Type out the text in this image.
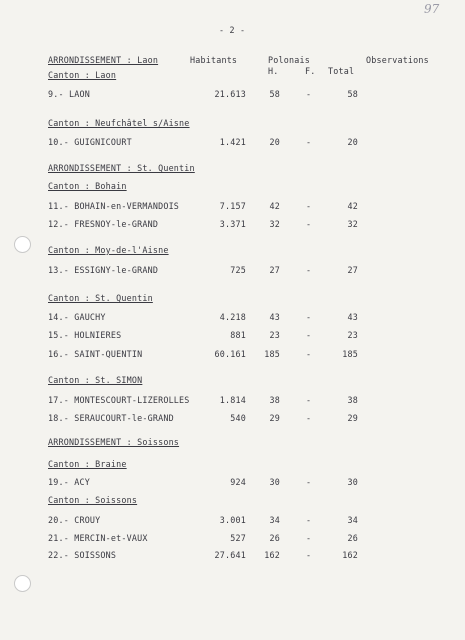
97
- 2 -
ARRONDISSEMENT : Laon	Habitants	Polonais
H.	F. Total
Observations
Canton : Laon
9.- LAON	21.613	58	-	58
Canton : Neufchâtel s/Aisne
10.- GUIGNICOURT	1.421	20	-	20
ARRONDISSEMENT : St. Quentin
Canton : Bohain
11.- BOHAIN-en-VERMANDOIS	7.157	42	-	42
12.- FRESNOY-le-GRAND	3.371	32	-	32
Canton : Moy-de-l'Aisne
13.- ESSIGNY-le-GRAND	725	27	-	27
Canton : St. Quentin
14.- GAUCHY	4.218	43	-	43
15.- HOLNIERES	881	23	-	23
16.- SAINT-QUENTIN	60.161 185	-	185
Canton : St. SIMON
17.- MONTESCOURT-LIZEROLLES	1.814	38	-	38
18.- SERAUCOURT-le-GRAND	540	29	-	29
ARRONDISSEMENT : Soissons
Canton : Braine
19.- ACY	924	30	-	30
Canton : Soissons
20.- CROUY	3.001	34	-	34
21.- MERCIN-et-VAUX	527	26	-	26
22.- SOISSONS	27.641 162	-	162
